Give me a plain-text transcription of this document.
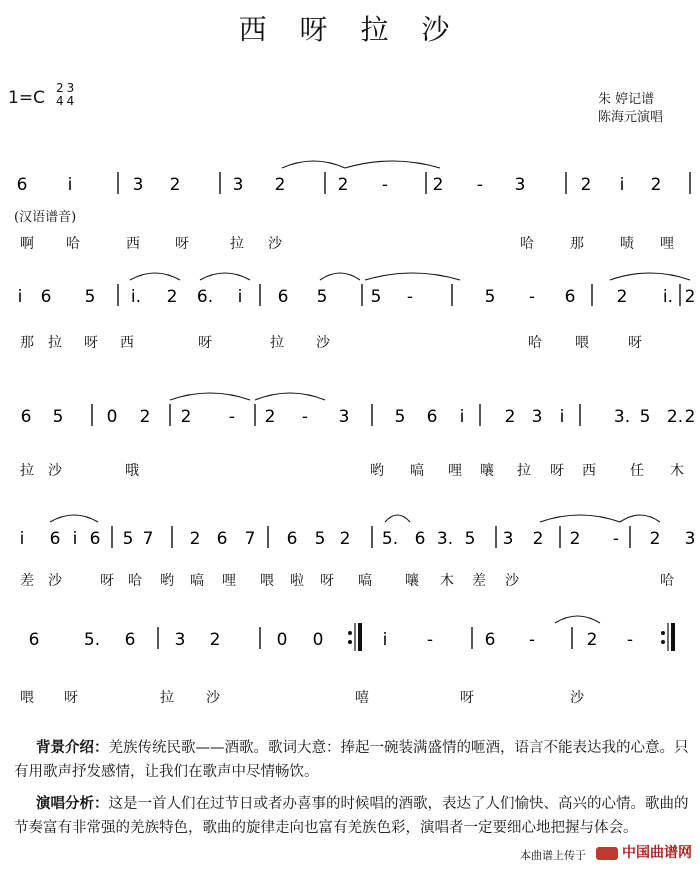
西 呀 拉 沙
1=C 2
4
3
4	朱 婷记谱
陈海元演唱
(汉语谱音)
6 i	3 2	3 2	2 -	2 - 3	2 i 2
i 6 5 i. 2 6. i 6 5	5 -	5 - 6 2 i. 2
6 5	0 2 2 - 2 - 3	5 6 i 2 3 i	3. 5 2. 2
i 6 i 6 5 7 2 6 7 6 5 2 5. 6 3. 5 3 2 2 - 2 3
6	5. 6 3 2	0 0	i -	6 -	2 -
啊 哈	西	呀	拉 沙	哈	那	啧 哩
那 拉 呀 西	呀	拉 沙	哈 喂	呀
拉 沙	哦	哟 嗃 哩 嚷 拉 呀 西 任 木
差 沙	呀 哈 哟 嗃 哩 喂 啦 呀 嗃 嚷 木 差 沙	哈
喂 呀	拉 沙	嘻	呀	沙
背景介绍：羌族传统民歌——酒歌。歌词大意：捧起一碗装满盛情的咂酒，语言不能表达我的心意。只有用歌声抒发感情，让我们在歌声中尽情畅饮。
演唱分析：这是一首人们在过节日或者办喜事的时候唱的酒歌，表达了人们愉快、高兴的心情。歌曲的节奏富有非常强的羌族特色，歌曲的旋律走向也富有羌族色彩，演唱者一定要细心地把握与体会。
本曲谱上传于	中国曲谱网
